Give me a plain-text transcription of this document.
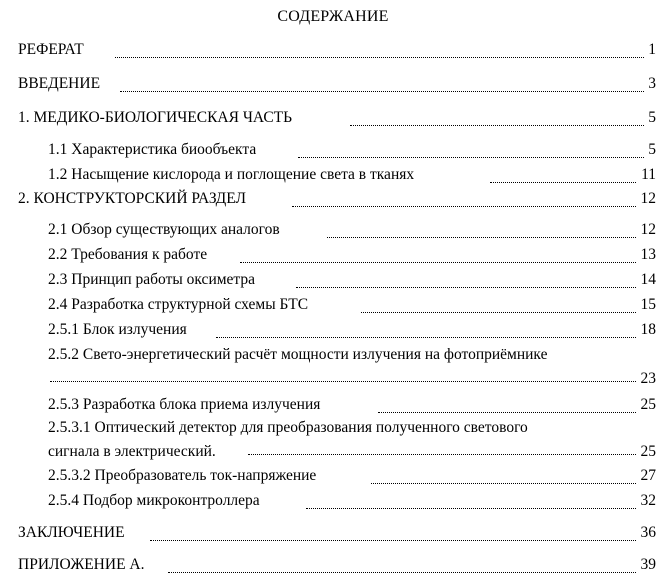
СОДЕРЖАНИЕ
РЕФЕРАТ	1
ВВЕДЕНИЕ	3
1. МЕДИКО-БИОЛОГИЧЕСКАЯ ЧАСТЬ	5
1.1 Характеристика биообъекта	5
1.2 Насыщение кислорода и поглощение света в тканях	11
2. КОНСТРУКТОРСКИЙ РАЗДЕЛ	12
2.1 Обзор существующих аналогов	12
2.2 Требования к работе	13
2.3 Принцип работы оксиметра	14
2.4 Разработка структурной схемы БТС	15
2.5.1 Блок излучения	18
2.5.2 Свето-энергетический расчёт мощности излучения на фотоприёмнике
23
2.5.3 Разработка блока приема излучения	25
2.5.3.1 Оптический детектор для преобразования полученного светового
сигнала в электрический.	25
2.5.3.2 Преобразователь ток-напряжение	27
2.5.4 Подбор микроконтроллера	32
ЗАКЛЮЧЕНИЕ	36
ПРИЛОЖЕНИЕ А.	39
